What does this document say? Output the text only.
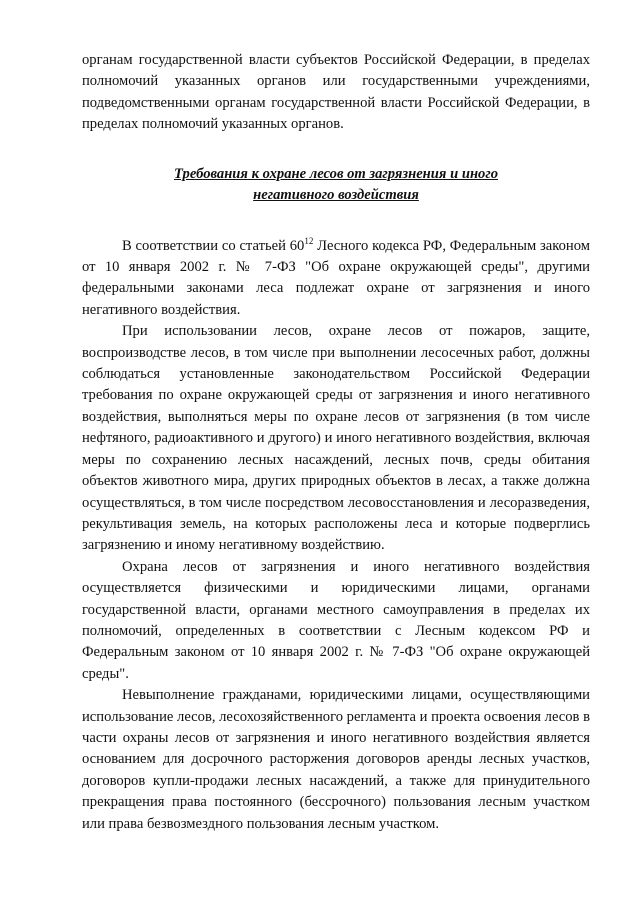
органам государственной власти субъектов Российской Федерации, в пределах полномочий указанных органов или государственными учреждениями, подведомственными органам государственной власти Российской Федерации, в пределах полномочий указанных органов.

Требования к охране лесов от загрязнения и иного негативного воздействия

В соответствии со статьей $60^{12}$ Лесного кодекса РФ, Федеральным законом от 10 января 2002 г. № 7-ФЗ "Об охране окружающей среды", другими федеральными законами леса подлежат охране от загрязнения и иного негативного воздействия.

При использовании лесов, охране лесов от пожаров, защите, воспроизводстве лесов, в том числе при выполнении лесосечных работ, должны соблюдаться установленные законодательством Российской Федерации требования по охране окружающей среды от загрязнения и иного негативного воздействия, выполняться меры по охране лесов от загрязнения (в том числе нефтяного, радиоактивного и другого) и иного негативного воздействия, включая меры по сохранению лесных насаждений, лесных почв, среды обитания объектов животного мира, других природных объектов в лесах, а также должна осуществляться, в том числе посредством лесовосстановления и лесоразведения, рекультивация земель, на которых расположены леса и которые подверглись загрязнению и иному негативному воздействию.

Охрана лесов от загрязнения и иного негативного воздействия осуществляется физическими и юридическими лицами, органами государственной власти, органами местного самоуправления в пределах их полномочий, определенных в соответствии с Лесным кодексом РФ и Федеральным законом от 10 января 2002 г. № 7-ФЗ "Об охране окружающей среды".

Невыполнение гражданами, юридическими лицами, осуществляющими использование лесов, лесохозяйственного регламента и проекта освоения лесов в части охраны лесов от загрязнения и иного негативного воздействия является основанием для досрочного расторжения договоров аренды лесных участков, договоров купли-продажи лесных насаждений, а также для принудительного прекращения права постоянного (бессрочного) пользования лесным участком или права безвозмездного пользования лесным участком.
